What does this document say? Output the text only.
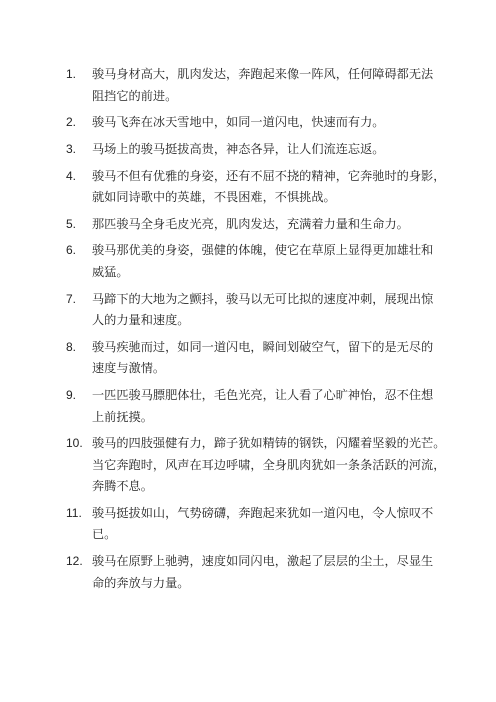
1. 骏马身材高大，肌肉发达，奔跑起来像一阵风，任何障碍都无法
阻挡它的前进。
2. 骏马飞奔在冰天雪地中，如同一道闪电，快速而有力。
3. 马场上的骏马挺拔高贵，神态各异，让人们流连忘返。
4. 骏马不但有优雅的身姿，还有不屈不挠的精神，它奔驰时的身影，
就如同诗歌中的英雄，不畏困难，不惧挑战。
5. 那匹骏马全身毛皮光亮，肌肉发达，充满着力量和生命力。
6. 骏马那优美的身姿，强健的体魄，使它在草原上显得更加雄壮和
威猛。
7. 马蹄下的大地为之颤抖，骏马以无可比拟的速度冲刺，展现出惊
人的力量和速度。
8. 骏马疾驰而过，如同一道闪电，瞬间划破空气，留下的是无尽的
速度与激情。
9. 一匹匹骏马膘肥体壮，毛色光亮，让人看了心旷神怡，忍不住想
上前抚摸。
10. 骏马的四肢强健有力，蹄子犹如精铸的钢铁，闪耀着坚毅的光芒。
当它奔跑时，风声在耳边呼啸，全身肌肉犹如一条条活跃的河流，
奔腾不息。
11. 骏马挺拔如山，气势磅礴，奔跑起来犹如一道闪电，令人惊叹不
已。
12. 骏马在原野上驰骋，速度如同闪电，激起了层层的尘土，尽显生
命的奔放与力量。
